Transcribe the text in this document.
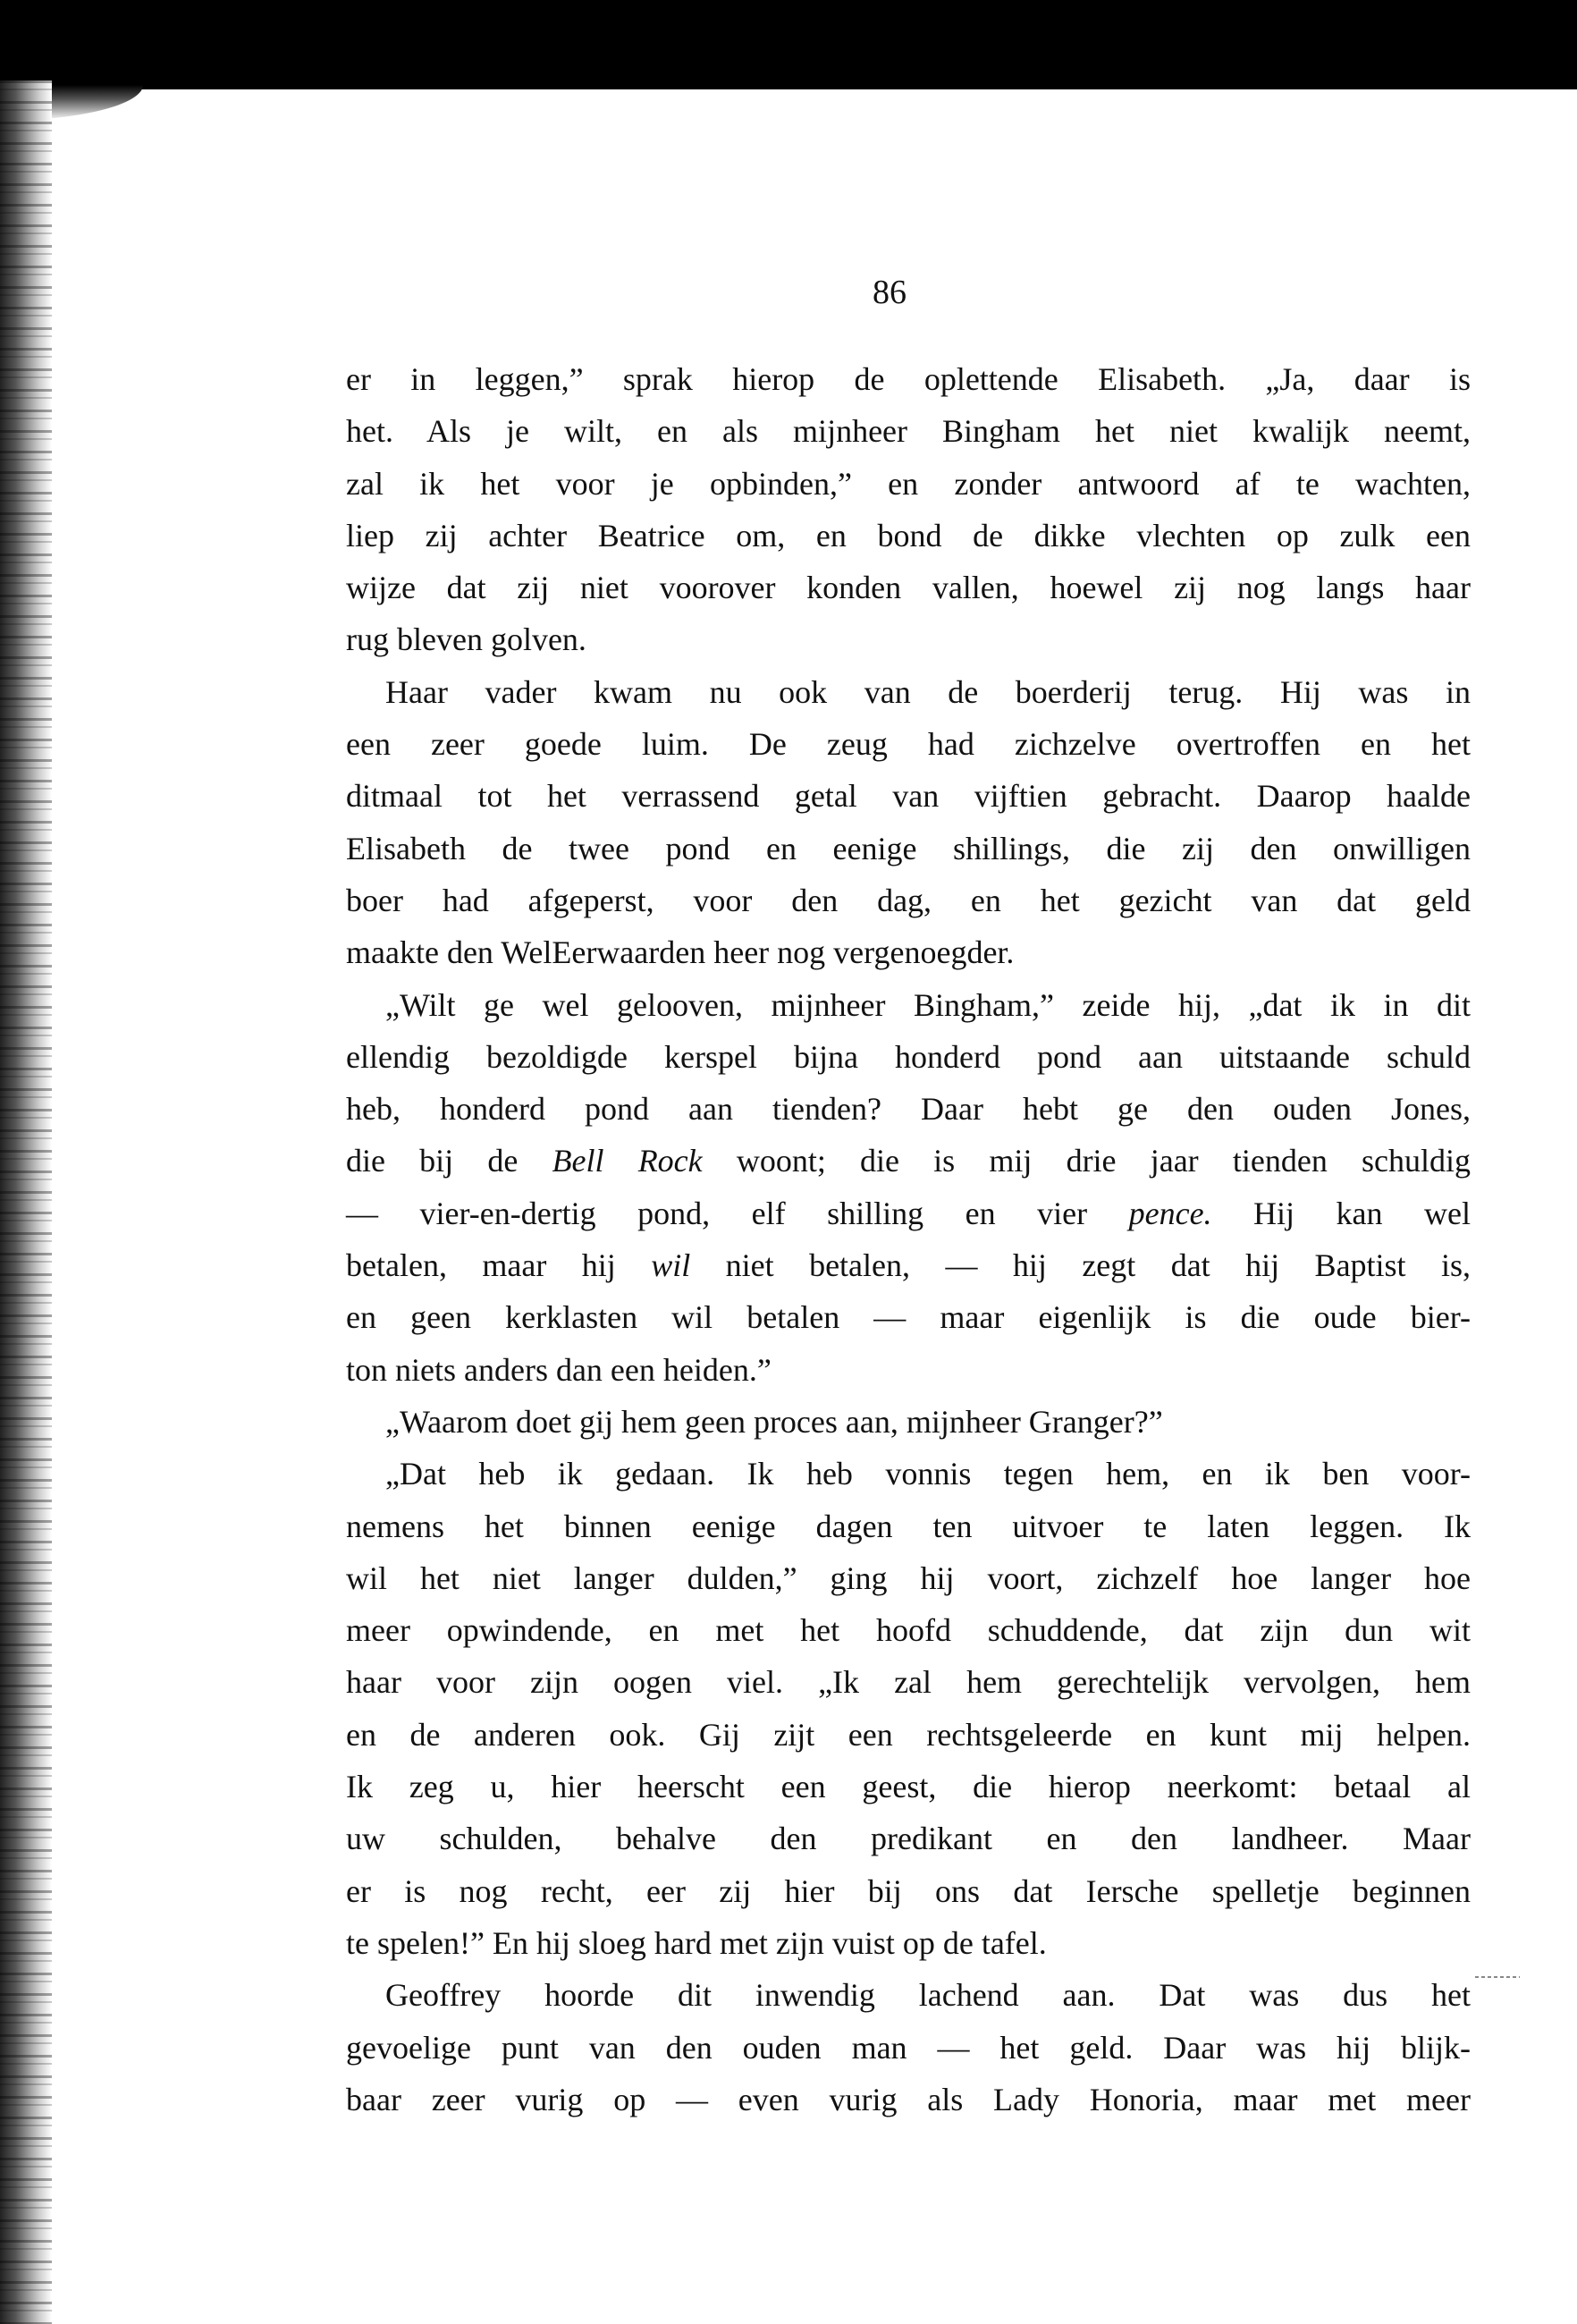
86
er in leggen,” sprak hierop de oplettende Elisabeth. „Ja, daar is
het. Als je wilt, en als mijnheer Bingham het niet kwalijk neemt,
zal ik het voor je opbinden,” en zonder antwoord af te wachten,
liep zij achter Beatrice om, en bond de dikke vlechten op zulk een
wijze dat zij niet voorover konden vallen, hoewel zij nog langs haar
rug bleven golven.
Haar vader kwam nu ook van de boerderij terug. Hij was in
een zeer goede luim. De zeug had zichzelve overtroffen en het
ditmaal tot het verrassend getal van vijftien gebracht. Daarop haalde
Elisabeth de twee pond en eenige shillings, die zij den onwilligen
boer had afgeperst, voor den dag, en het gezicht van dat geld
maakte den WelEerwaarden heer nog vergenoegder.
„Wilt ge wel gelooven, mijnheer Bingham,” zeide hij, „dat ik in dit
ellendig bezoldigde kerspel bijna honderd pond aan uitstaande schuld
heb, honderd pond aan tienden? Daar hebt ge den ouden Jones,
die bij de Bell Rock woont; die is mij drie jaar tienden schuldig
— vier-en-dertig pond, elf shilling en vier pence. Hij kan wel
betalen, maar hij wil niet betalen, — hij zegt dat hij Baptist is,
en geen kerklasten wil betalen — maar eigenlijk is die oude bier-
ton niets anders dan een heiden.”
„Waarom doet gij hem geen proces aan, mijnheer Granger?”
„Dat heb ik gedaan. Ik heb vonnis tegen hem, en ik ben voor-
nemens het binnen eenige dagen ten uitvoer te laten leggen. Ik
wil het niet langer dulden,” ging hij voort, zichzelf hoe langer hoe
meer opwindende, en met het hoofd schuddende, dat zijn dun wit
haar voor zijn oogen viel. „Ik zal hem gerechtelijk vervolgen, hem
en de anderen ook. Gij zijt een rechtsgeleerde en kunt mij helpen.
Ik zeg u, hier heerscht een geest, die hierop neerkomt: betaal al
uw schulden, behalve den predikant en den landheer. Maar
er is nog recht, eer zij hier bij ons dat Iersche spelletje beginnen
te spelen!” En hij sloeg hard met zijn vuist op de tafel.
Geoffrey hoorde dit inwendig lachend aan. Dat was dus het
gevoelige punt van den ouden man — het geld. Daar was hij blijk-
baar zeer vurig op — even vurig als Lady Honoria, maar met meer
